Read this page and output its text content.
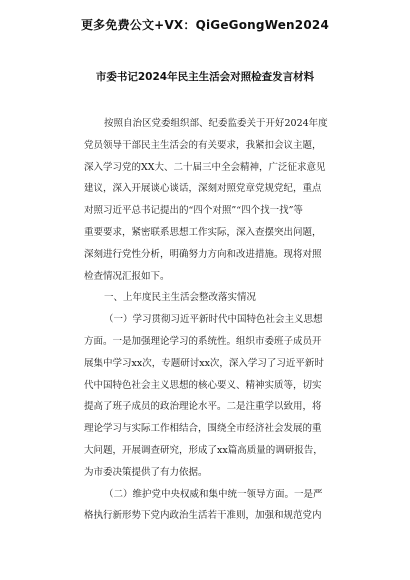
更多免费公文+VX：QiGeGongWen2024
市委书记2024年民主生活会对照检查发言材料
按照自治区党委组织部、纪委监委关于开好2024年度
党员领导干部民主生活会的有关要求，我紧扣会议主题，
深入学习党的XX大、二十届三中全会精神，广泛征求意见
建议，深入开展谈心谈话，深刻对照党章党规党纪，重点
对照习近平总书记提出的“四个对照”“四个找一找”等
重要要求，紧密联系思想工作实际，深入查摆突出问题，
深刻进行党性分析，明确努力方向和改进措施。现将对照
检查情况汇报如下。
一、上年度民主生活会整改落实情况
（一）学习贯彻习近平新时代中国特色社会主义思想
方面。一是加强理论学习的系统性。组织市委班子成员开
展集中学习xx次，专题研讨xx次，深入学习了习近平新时
代中国特色社会主义思想的核心要义、精神实质等，切实
提高了班子成员的政治理论水平。二是注重学以致用，将
理论学习与实际工作相结合，围绕全市经济社会发展的重
大问题，开展调查研究，形成了xx篇高质量的调研报告，
为市委决策提供了有力依据。
（二）维护党中央权威和集中统一领导方面。一是严
格执行新形势下党内政治生活若干准则，加强和规范党内
